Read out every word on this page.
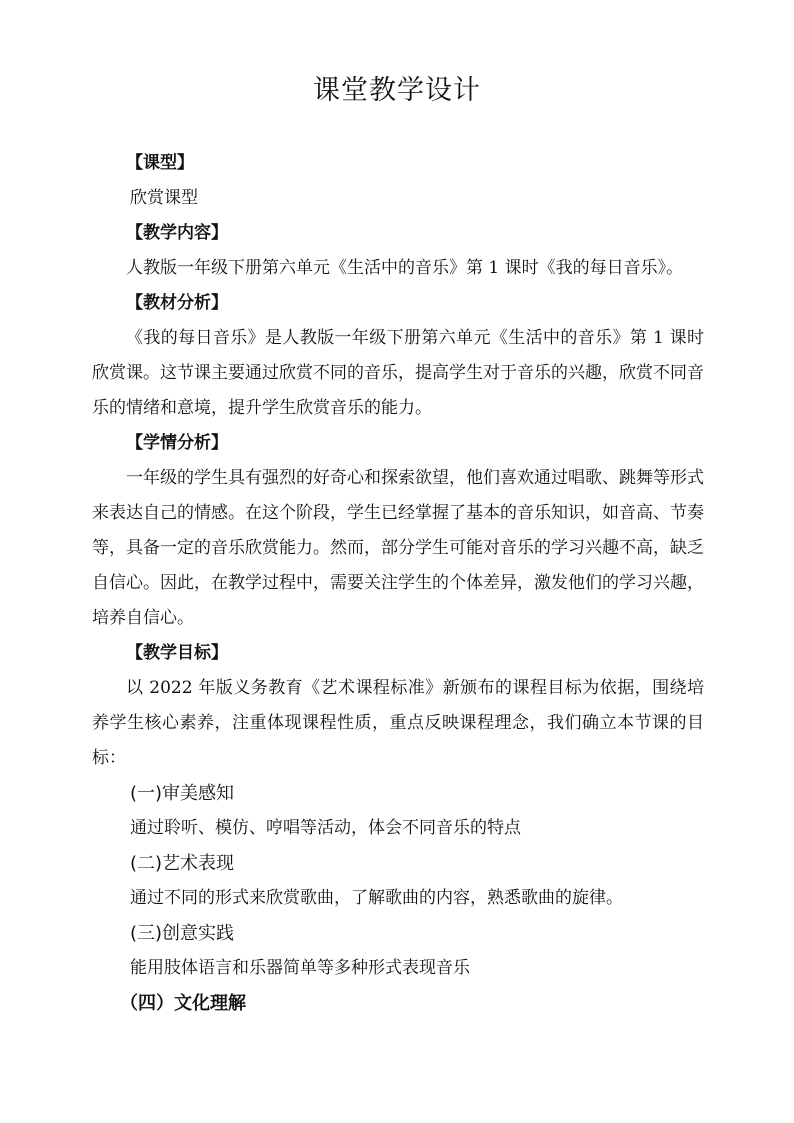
课堂教学设计

【课型】

欣赏课型

【教学内容】

人教版一年级下册第六单元《生活中的音乐》第 1 课时《我的每日音乐》。

【教材分析】

《我的每日音乐》是人教版一年级下册第六单元《生活中的音乐》第 1 课时欣赏课。这节课主要通过欣赏不同的音乐，提高学生对于音乐的兴趣，欣赏不同音乐的情绪和意境，提升学生欣赏音乐的能力。

【学情分析】

一年级的学生具有强烈的好奇心和探索欲望，他们喜欢通过唱歌、跳舞等形式来表达自己的情感。在这个阶段，学生已经掌握了基本的音乐知识，如音高、节奏等，具备一定的音乐欣赏能力。然而，部分学生可能对音乐的学习兴趣不高，缺乏自信心。因此，在教学过程中，需要关注学生的个体差异，激发他们的学习兴趣，培养自信心。

【教学目标】

以 2022 年版义务教育《艺术课程标准》新颁布的课程目标为依据，围绕培养学生核心素养，注重体现课程性质，重点反映课程理念，我们确立本节课的目标：

(一)审美感知

通过聆听、模仿、哼唱等活动，体会不同音乐的特点

(二)艺术表现

通过不同的形式来欣赏歌曲，了解歌曲的内容，熟悉歌曲的旋律。

(三)创意实践

能用肢体语言和乐器简单等多种形式表现音乐

（四）文化理解
